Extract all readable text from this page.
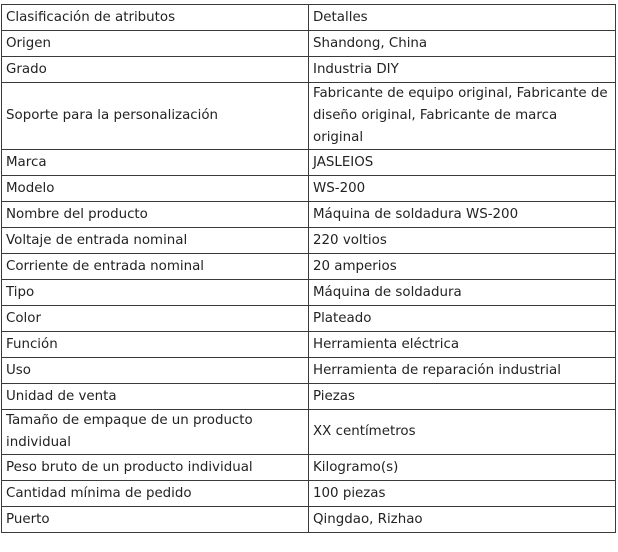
Clasificación de atributos	Detalles
Origen	Shandong, China
Grado	Industria DIY
Soporte para la personalización	Fabricante de equipo original, Fabricante de diseño original, Fabricante de marca original
Marca	JASLEIOS
Modelo	WS-200
Nombre del producto	Máquina de soldadura WS-200
Voltaje de entrada nominal	220 voltios
Corriente de entrada nominal	20 amperios
Tipo	Máquina de soldadura
Color	Plateado
Función	Herramienta eléctrica
Uso	Herramienta de reparación industrial
Unidad de venta	Piezas
Tamaño de empaque de un producto individual	XX centímetros
Peso bruto de un producto individual	Kilogramo(s)
Cantidad mínima de pedido	100 piezas
Puerto	Qingdao, Rizhao
